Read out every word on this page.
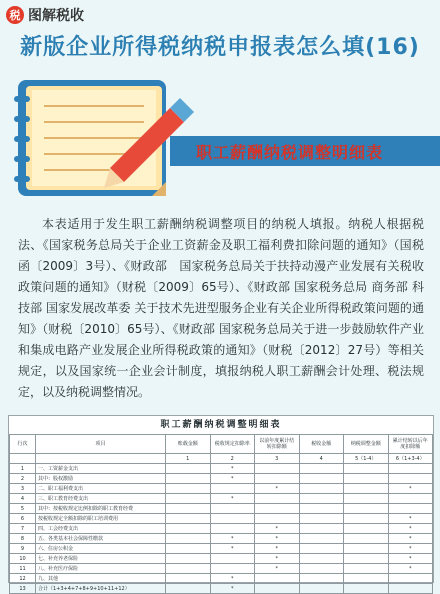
税 图解税收
新版企业所得税纳税申报表怎么填(16)
职工薪酬纳税调整明细表

本表适用于发生职工薪酬纳税调整项目的纳税人填报。纳税人根据税法、《国家税务总局关于企业工资薪金及职工福利费扣除问题的通知》（国税函〔2009〕3号）、《财政部　国家税务总局关于扶持动漫产业发展有关税收政策问题的通知》（财税〔2009〕65号）、《财政部 国家税务总局 商务部 科技部 国家发展改革委 关于技术先进型服务企业有关企业所得税政策问题的通知》（财税〔2010〕65号）、《财政部 国家税务总局关于进一步鼓励软件产业和集成电路产业发展企业所得税政策的通知》（财税〔2012〕27号）等相关规定，以及国家统一企业会计制度，填报纳税人职工薪酬会计处理、税法规定，以及纳税调整情况。

职工薪酬纳税调整明细表
行次	项目	账载金额	税收规定扣除率	以前年度累计结转扣除额	税收金额	纳税调整金额	累计结转以后年度扣除额
		1	2	3	4	5（1-4）	6（1+3-4）
1	一、工资薪金支出		*				
2	其中：股权激励		*				
3	二、职工福利费支出			*			*
4	三、职工教育经费支出		*				
5	其中：按税收规定比例扣除的职工教育经费						
6	按税收规定全额扣除的职工培训费用						*
7	四、工会经费支出			*			*
8	五、各类基本社会保障性缴款		*	*			*
9	六、住房公积金		*	*			*
10	七、补充养老保险			*			*
11	八、补充医疗保险			*			*
12	九、其他		*				
13	合计（1+3+4+7+8+9+10+11+12）		*				
